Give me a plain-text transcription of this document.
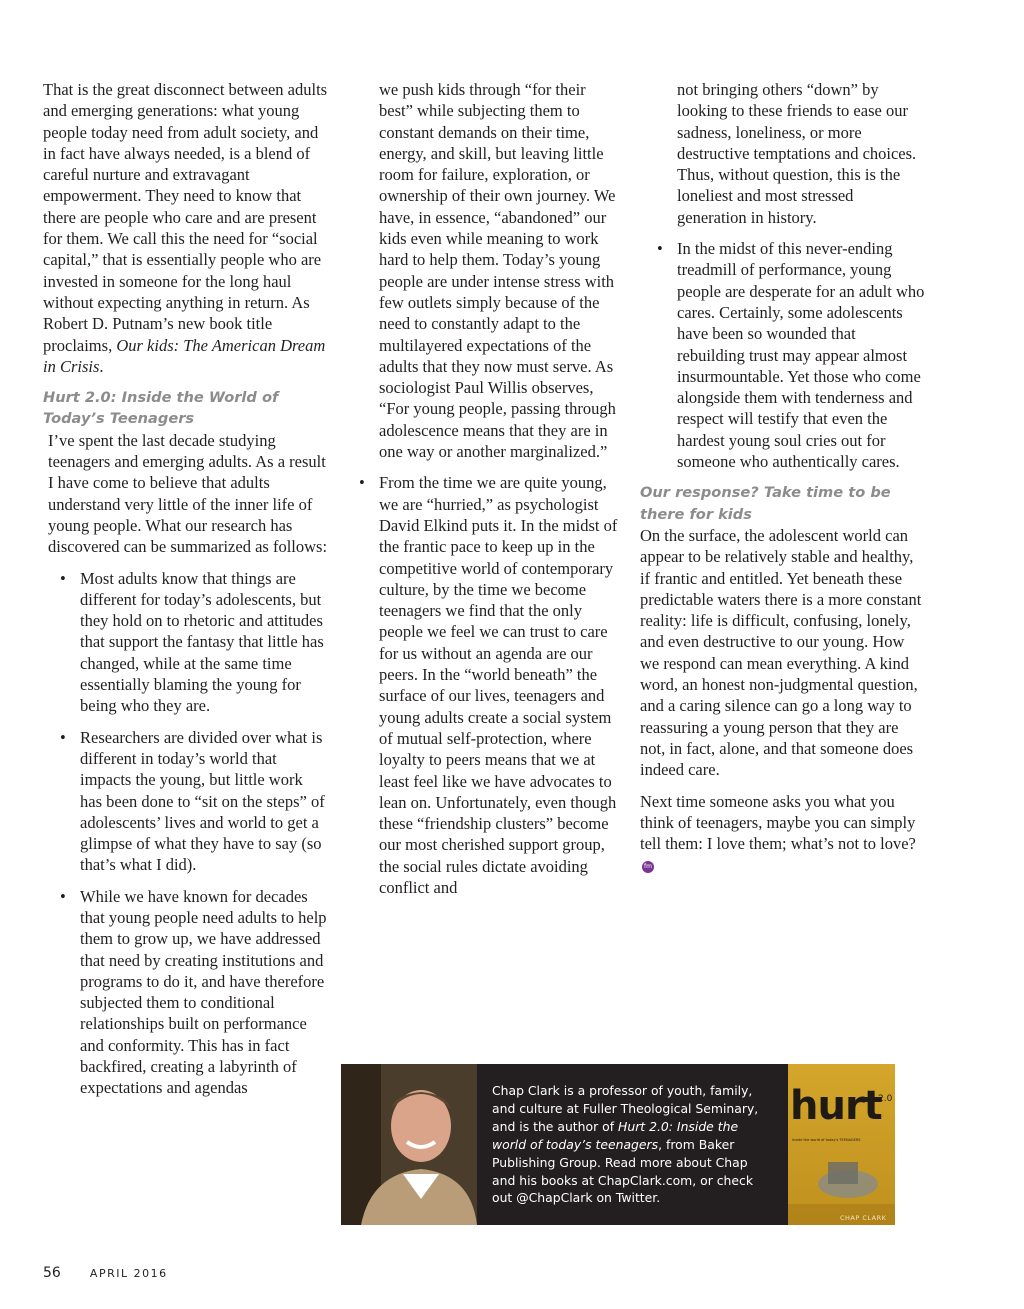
That is the great disconnect between adults and emerging generations: what young people today need from adult society, and in fact have always needed, is a blend of careful nurture and extravagant empowerment. They need to know that there are people who care and are present for them. We call this the need for “social capital,” that is essentially people who are invested in someone for the long haul without expecting anything in return. As Robert D. Putnam’s new book title proclaims, Our kids: The American Dream in Crisis.

Hurt 2.0: Inside the World of Today’s Teenagers

I’ve spent the last decade studying teenagers and emerging adults. As a result I have come to believe that adults understand very little of the inner life of young people. What our research has discovered can be summarized as follows:

• Most adults know that things are different for today’s adolescents, but they hold on to rhetoric and attitudes that support the fantasy that little has changed, while at the same time essentially blaming the young for being who they are.
• Researchers are divided over what is different in today’s world that impacts the young, but little work has been done to “sit on the steps” of adolescents’ lives and world to get a glimpse of what they have to say (so that’s what I did).
• While we have known for decades that young people need adults to help them to grow up, we have addressed that need by creating institutions and programs to do it, and have therefore subjected them to conditional relationships built on performance and conformity. This has in fact backfired, creating a labyrinth of expectations and agendas

we push kids through “for their best” while subjecting them to constant demands on their time, energy, and skill, but leaving little room for failure, exploration, or ownership of their own journey. We have, in essence, “abandoned” our kids even while meaning to work hard to help them. Today’s young people are under intense stress with few outlets simply because of the need to constantly adapt to the multilayered expectations of the adults that they now must serve. As sociologist Paul Willis observes, “For young people, passing through adolescence means that they are in one way or another marginalized.”

• From the time we are quite young, we are “hurried,” as psychologist David Elkind puts it. In the midst of the frantic pace to keep up in the competitive world of contemporary culture, by the time we become teenagers we find that the only people we feel we can trust to care for us without an agenda are our peers. In the “world beneath” the surface of our lives, teenagers and young adults create a social system of mutual self-protection, where loyalty to peers means that we at least feel like we have advocates to lean on. Unfortunately, even though these “friendship clusters” become our most cherished support group, the social rules dictate avoiding conflict and

not bringing others “down” by looking to these friends to ease our sadness, loneliness, or more destructive temptations and choices. Thus, without question, this is the loneliest and most stressed generation in history.

• In the midst of this never-ending treadmill of performance, young people are desperate for an adult who cares. Certainly, some adolescents have been so wounded that rebuilding trust may appear almost insurmountable. Yet those who come alongside them with tenderness and respect will testify that even the hardest young soul cries out for someone who authentically cares.
Our response? Take time to be there for kids

On the surface, the adolescent world can appear to be relatively stable and healthy, if frantic and entitled. Yet beneath these predictable waters there is a more constant reality: life is difficult, confusing, lonely, and even destructive to our young. How we respond can mean everything. A kind word, an honest non-judgmental question, and a caring silence can go a long way to reassuring a young person that they are not, in fact, alone, and that someone does indeed care.

Next time someone asks you what you think of teenagers, maybe you can simply tell them: I love them; what’s not to love?fm

Chap Clark is a professor of youth, family, and culture at Fuller Theological Seminary, and is the author of Hurt 2.0: Inside the world of today’s teenagers, from Baker Publishing Group. Read more about Chap and his books at ChapClark.com, or check out @ChapClark on Twitter.
hurt
2.0
inside the world of today's TEENAGERS
CHAP CLARK
56	APRIL 2016
